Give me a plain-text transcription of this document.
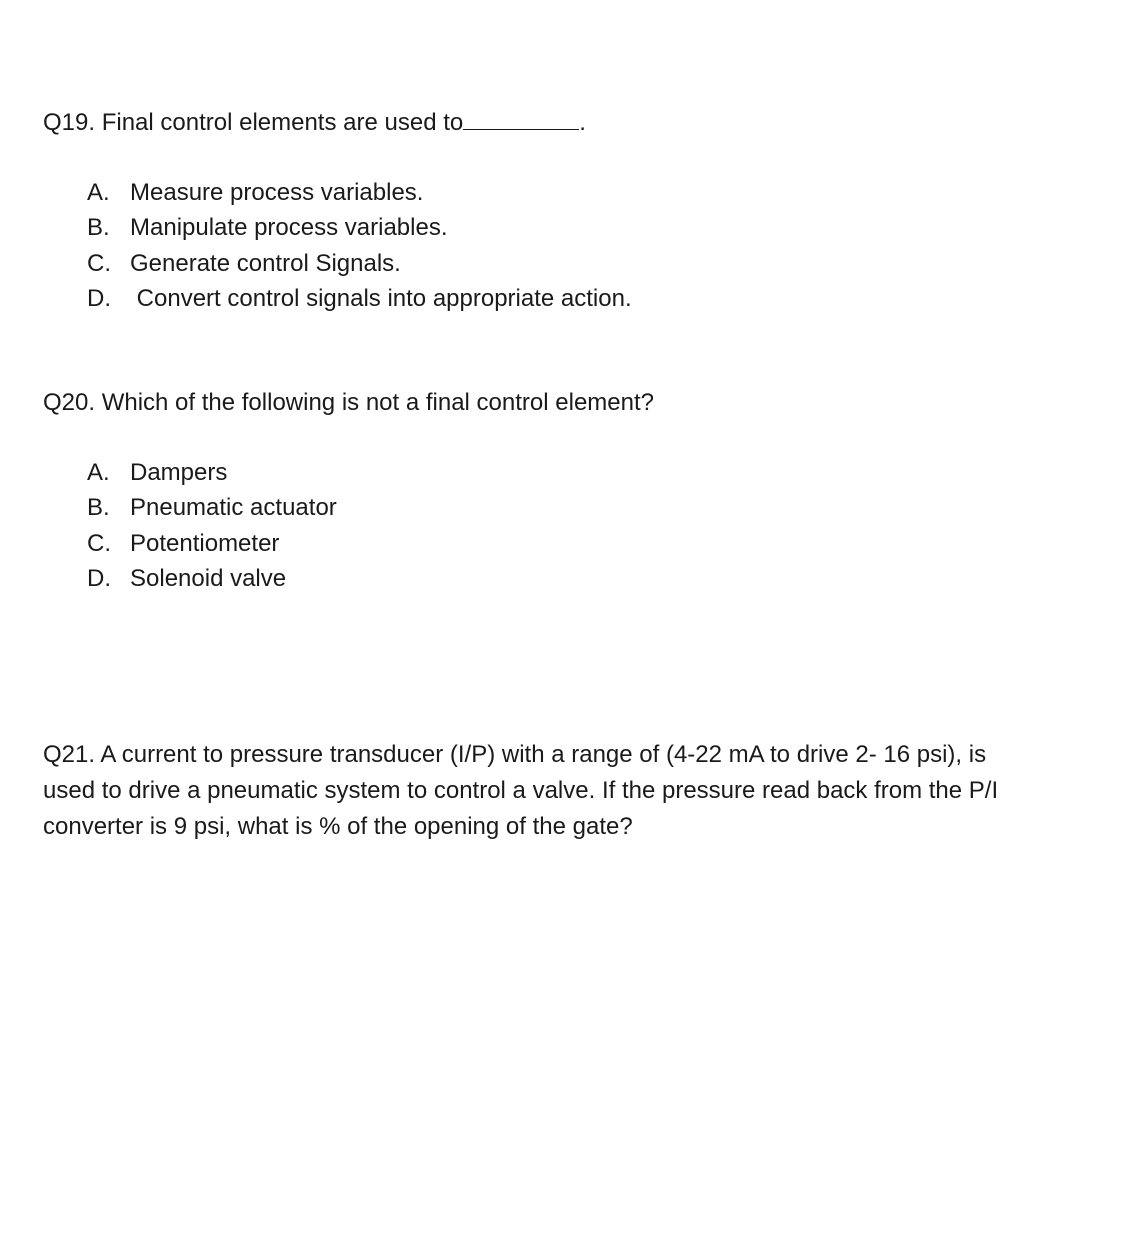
Q19. Final control elements are used to	.

A. Measure process variables.
B. Manipulate process variables.
C. Generate control Signals.
D. Convert control signals into appropriate action.

Q20. Which of the following is not a final control element?

A. Dampers
B. Pneumatic actuator
C. Potentiometer
D. Solenoid valve

Q21. A current to pressure transducer (I/P) with a range of (4-22 mA to drive 2- 16 psi), is
used to drive a pneumatic system to control a valve. If the pressure read back from the P/I
converter is 9 psi, what is % of the opening of the gate?
